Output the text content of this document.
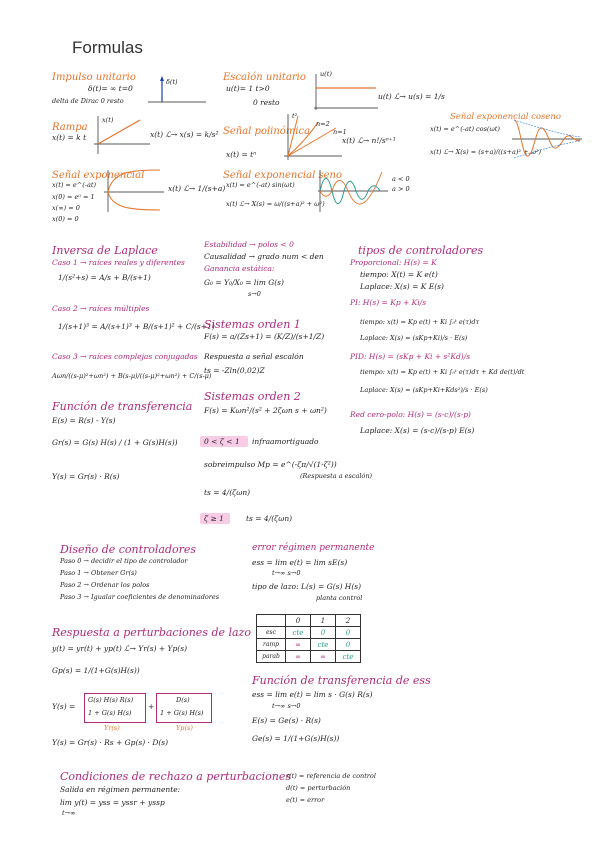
Formulas
Impulso unitario
δ(t)= ∞ t=0
delta de Dirac 0 resto
δ(t)	Escalón unitario
u(t)= 1 t>0
0 resto
u(t)
u(t) ℒ→ u(s) = 1/s
Rampa
x(t) = k t
x(t)
x(t) ℒ→ x(s) = k/s² Señal polinómica
x(t) = tⁿ
t²
n=2
n=1
x(t) ℒ→ n!/sⁿ⁺¹
Señal exponencial coseno
x(t) = e^(-at) cos(ωt)
x(t) ℒ→ X(s) = (s+a)/((s+a)² + ω²)
Señal exponencial
x(t) = e^(-at)
x(0) = e⁰ = 1
x(∞) = 0
x(0) = 0
x(t) ℒ→ 1/(s+a)
Señal exponencial seno
x(t) = e^(-at) sin(ωt)
x(t) ℒ→ X(s) = ω/((s+a)² + ω²)
a < 0
a > 0
Inversa de Laplace
Caso 1 → raíces reales y diferentes
1/(s²+s) = A/s + B/(s+1)
Caso 2 → raíces múltiples
1/(s+1)³ = A/(s+1)³ + B/(s+1)² + C/(s+1)
Caso 3 → raíces complejas conjugadas
Aωn/((s-μ)²+ωn²) + B(s-μ)/((s-μ)²+ωn²) + C/(s-μ)
Función de transferencia
E(s) = R(s) - Y(s)
Gr(s) = G(s) H(s) / (1 + G(s)H(s))
Y(s) = Gr(s) · R(s)
Estabilidad → polos < 0
Causalidad → grado num < den
Ganancia estática:
G₀ = Y₀/X₀ = lim G(s)
s→0
Sistemas orden 1
F(s) = a/(Zs+1) = (K/Z)/(s+1/Z)
Respuesta a señal escalón
ts = -Zln(0,02)Z
Sistemas orden 2
F(s) = Kωn²/(s² + 2ζωn s + ωn²)
0 < ζ < 1 infraamortiguado
sobreimpulso Mp = e^(-ζπ/√(1-ζ²))
(Respuesta a escalón)
ts = 4/(ζωn)
ζ ≥ 1	ts = 4/(ζωn)
tipos de controladores
Proporcional: H(s) = K
tiempo: X(t) = K e(t)
Laplace: X(s) = K E(s)
PI: H(s) = Kp + Ki/s
tiempo: x(t) = Kp e(t) + Ki ∫₀ᵗ e(τ)dτ
Laplace: X(s) = (sKp+Ki)/s · E(s)
PID: H(s) = (sKp + Ki + s²Kd)/s
tiempo: x(t) = Kp e(t) + Ki ∫₀ᵗ e(τ)dτ + Kd de(t)/dt
Laplace: X(s) = (sKp+Ki+Kds²)/s · E(s)
Red cero-polo: H(s) = (s-c)/(s-p)
Laplace: X(s) = (s-c)/(s-p) E(s)
Diseño de controladores
Paso 0 → decidir el tipo de controlador
Paso 1 → Obtener Gr(s)
Paso 2 → Ordenar los polos
Paso 3 → Igualar coeficientes de denominadores
error régimen permanente
ess = lim e(t) = lim sE(s)
t→∞ s→0
tipo de lazo: L(s) = G(s) H(s)
planta control
	0	1	2
esc	cte	0	0
ramp	∞	cte	0
parab	∞	∞	cte
Respuesta a perturbaciones de lazo
y(t) = yr(t) + yp(t) ℒ→ Yr(s) + Yp(s)
Gp(s) = 1/(1+G(s)H(s))
Y(s) =
G(s) H(s) R(s)
1 + G(s) H(s)
+
D(s)
1 + G(s) H(s)
Yr(s)	Yp(s)
Y(s) = Gr(s) · Rs + Gp(s) · D(s)
Función de transferencia de ess
ess = lim e(t) = lim s · G(s) R(s)
t→∞ s→0
E(s) = Ge(s) · R(s)
Ge(s) = 1/(1+G(s)H(s))
Condiciones de rechazo a perturbaciones
Salida en régimen permanente:
lim y(t) = yss = yssr + yssp
t→∞
r(t) = referencia de control
d(t) = perturbación
e(t) = error
